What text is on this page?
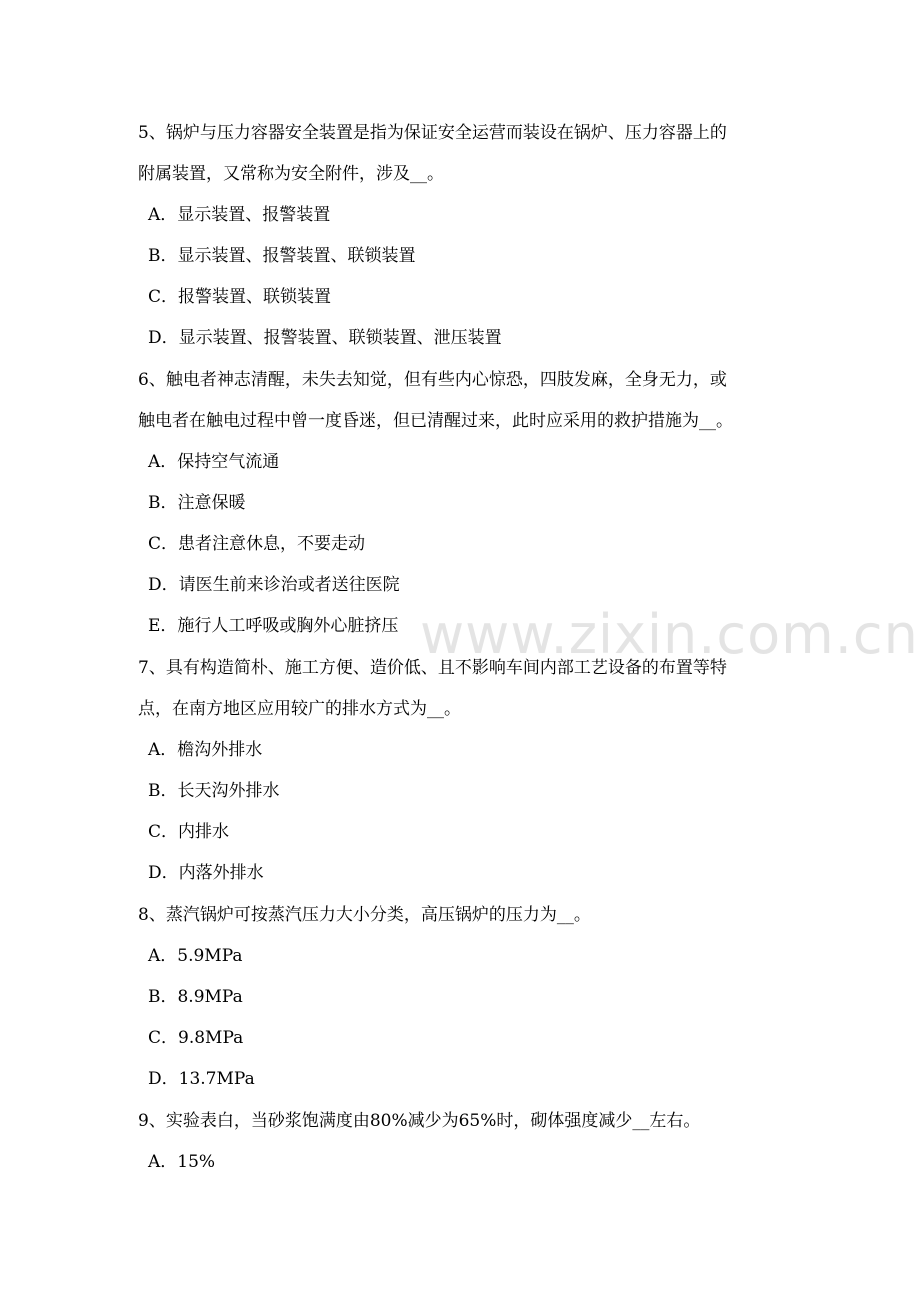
www.zixin.com.cn
5、锅炉与压力容器安全装置是指为保证安全运营而装设在锅炉、压力容器上的
附属装置，又常称为安全附件，涉及__。
A．显示装置、报警装置
B．显示装置、报警装置、联锁装置
C．报警装置、联锁装置
D．显示装置、报警装置、联锁装置、泄压装置
6、触电者神志清醒，未失去知觉，但有些内心惊恐，四肢发麻，全身无力，或
触电者在触电过程中曾一度昏迷，但已清醒过来，此时应采用的救护措施为__。
A．保持空气流通
B．注意保暖
C．患者注意休息，不要走动
D．请医生前来诊治或者送往医院
E．施行人工呼吸或胸外心脏挤压
7、具有构造简朴、施工方便、造价低、且不影响车间内部工艺设备的布置等特
点，在南方地区应用较广的排水方式为__。
A．檐沟外排水
B．长天沟外排水
C．内排水
D．内落外排水
8、蒸汽锅炉可按蒸汽压力大小分类，高压锅炉的压力为__。
A．5.9MPa
B．8.9MPa
C．9.8MPa
D．13.7MPa
9、实验表白，当砂浆饱满度由80%减少为65%时，砌体强度减少__左右。
A．15%
